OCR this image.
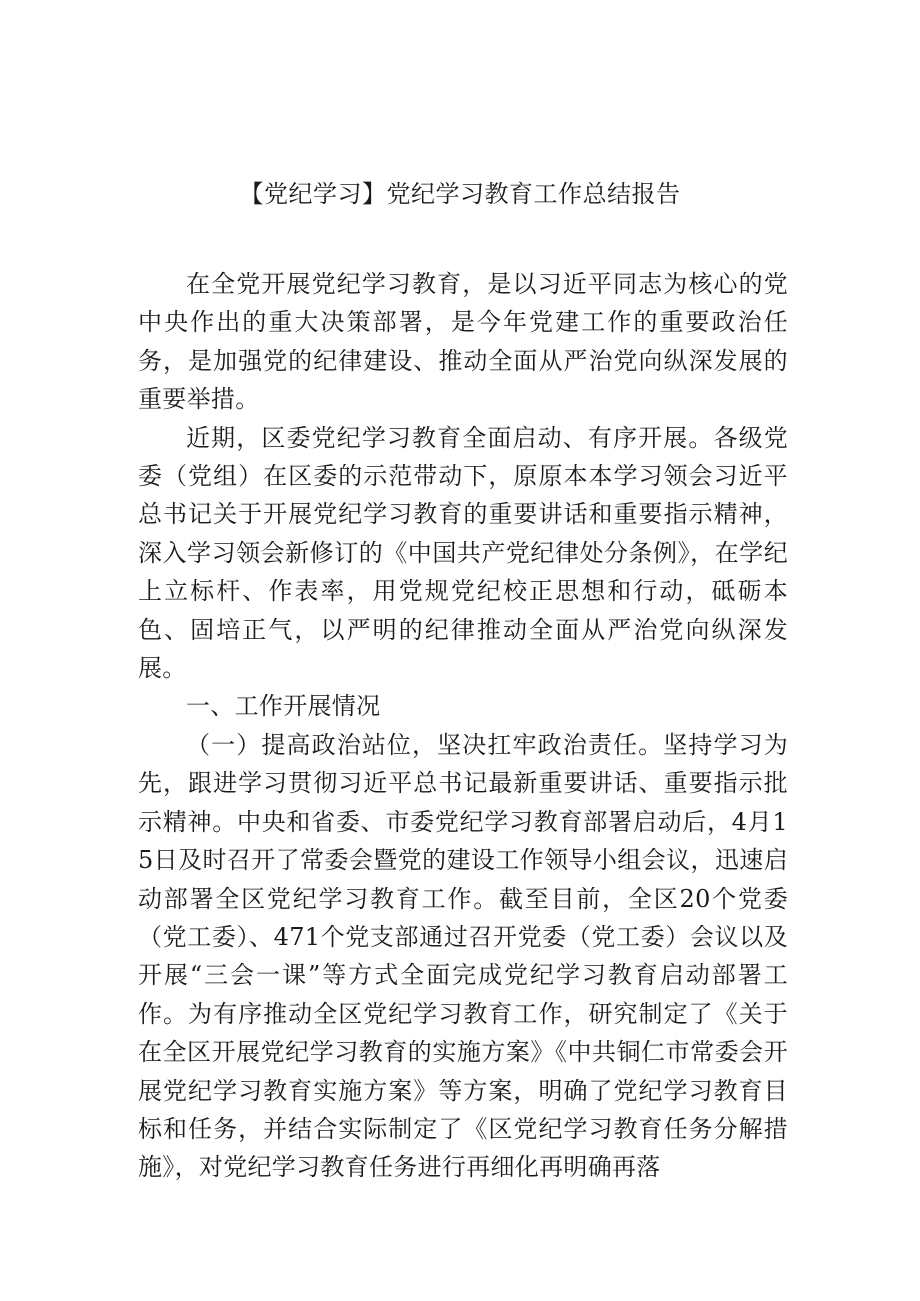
【党纪学习】党纪学习教育工作总结报告

在全党开展党纪学习教育，是以习近平同志为核心的党中央作出的重大决策部署，是今年党建工作的重要政治任务，是加强党的纪律建设、推动全面从严治党向纵深发展的重要举措。

近期，区委党纪学习教育全面启动、有序开展。各级党委（党组）在区委的示范带动下，原原本本学习领会习近平总书记关于开展党纪学习教育的重要讲话和重要指示精神，深入学习领会新修订的《中国共产党纪律处分条例》，在学纪上立标杆、作表率，用党规党纪校正思想和行动，砥砺本色、固培正气，以严明的纪律推动全面从严治党向纵深发展。

一、工作开展情况

（一）提高政治站位，坚决扛牢政治责任。坚持学习为先，跟进学习贯彻习近平总书记最新重要讲话、重要指示批示精神。中央和省委、市委党纪学习教育部署启动后，4月15日及时召开了常委会暨党的建设工作领导小组会议，迅速启动部署全区党纪学习教育工作。截至目前，全区20个党委（党工委）、471个党支部通过召开党委（党工委）会议以及开展“三会一课”等方式全面完成党纪学习教育启动部署工作。为有序推动全区党纪学习教育工作，研究制定了《关于在全区开展党纪学习教育的实施方案》《中共铜仁市常委会开展党纪学习教育实施方案》等方案，明确了党纪学习教育目标和任务，并结合实际制定了《区党纪学习教育任务分解措施》，对党纪学习教育任务进行再细化再明确再落
